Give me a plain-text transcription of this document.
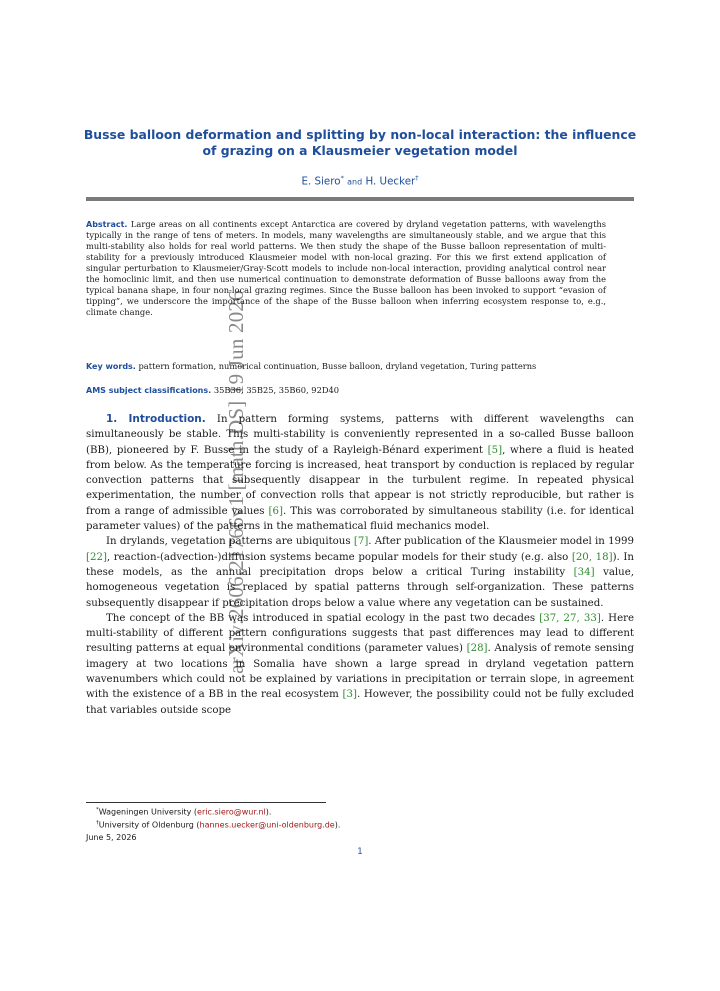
arXiv:2606.21766v1 [math.DS] 19 Jun 2026
Busse balloon deformation and splitting by non-local interaction: the influence of grazing on a Klausmeier vegetation model
E. Siero* and H. Uecker†
Abstract. Large areas on all continents except Antarctica are covered by dryland vegetation patterns, with wavelengths typically in the range of tens of meters. In models, many wavelengths are simultaneously stable, and we argue that this multi-stability also holds for real world patterns. We then study the shape of the Busse balloon representation of multi-stability for a previously introduced Klausmeier model with non-local grazing. For this we first extend application of singular perturbation to Klausmeier/Gray-Scott models to include non-local interaction, providing analytical control near the homoclinic limit, and then use numerical continuation to demonstrate deformation of Busse balloons away from the typical banana shape, in four non-local grazing regimes. Since the Busse balloon has been invoked to support “evasion of tipping”, we underscore the importance of the shape of the Busse balloon when inferring ecosystem response to, e.g., climate change.
Key words. pattern formation, numerical continuation, Busse balloon, dryland vegetation, Turing patterns
AMS subject classifications. 35B36, 35B25, 35B60, 92D40

1. Introduction. In pattern forming systems, patterns with different wavelengths can simultaneously be stable. This multi-stability is conveniently represented in a so-called Busse balloon (BB), pioneered by F. Busse in the study of a Rayleigh-Bénard experiment [5], where a fluid is heated from below. As the temperature forcing is increased, heat transport by conduction is replaced by regular convection patterns that subsequently disappear in the turbulent regime. In repeated physical experimentation, the number of convection rolls that appear is not strictly reproducible, but rather is from a range of admissible values [6]. This was corroborated by simultaneous stability (i.e. for identical parameter values) of the patterns in the mathematical fluid mechanics model.

In drylands, vegetation patterns are ubiquitous [7]. After publication of the Klausmeier model in 1999 [22], reaction-(advection-)diffusion systems became popular models for their study (e.g. also [20, 18]). In these models, as the annual precipitation drops below a critical Turing instability [34] value, homogeneous vegetation is replaced by spatial patterns through self-organization. These patterns subsequently disappear if precipitation drops below a value where any vegetation can be sustained.

The concept of the BB was introduced in spatial ecology in the past two decades [37, 27, 33]. Here multi-stability of different pattern configurations suggests that past differences may lead to different resulting patterns at equal environmental conditions (parameter values) [28]. Analysis of remote sensing imagery at two locations in Somalia have shown a large spread in dryland vegetation pattern wavenumbers which could not be explained by variations in precipitation or terrain slope, in agreement with the existence of a BB in the real ecosystem [3]. However, the possibility could not be fully excluded that variables outside scope

*Wageningen University (eric.siero@wur.nl).
†University of Oldenburg (hannes.uecker@uni-oldenburg.de).
June 5, 2026
1
